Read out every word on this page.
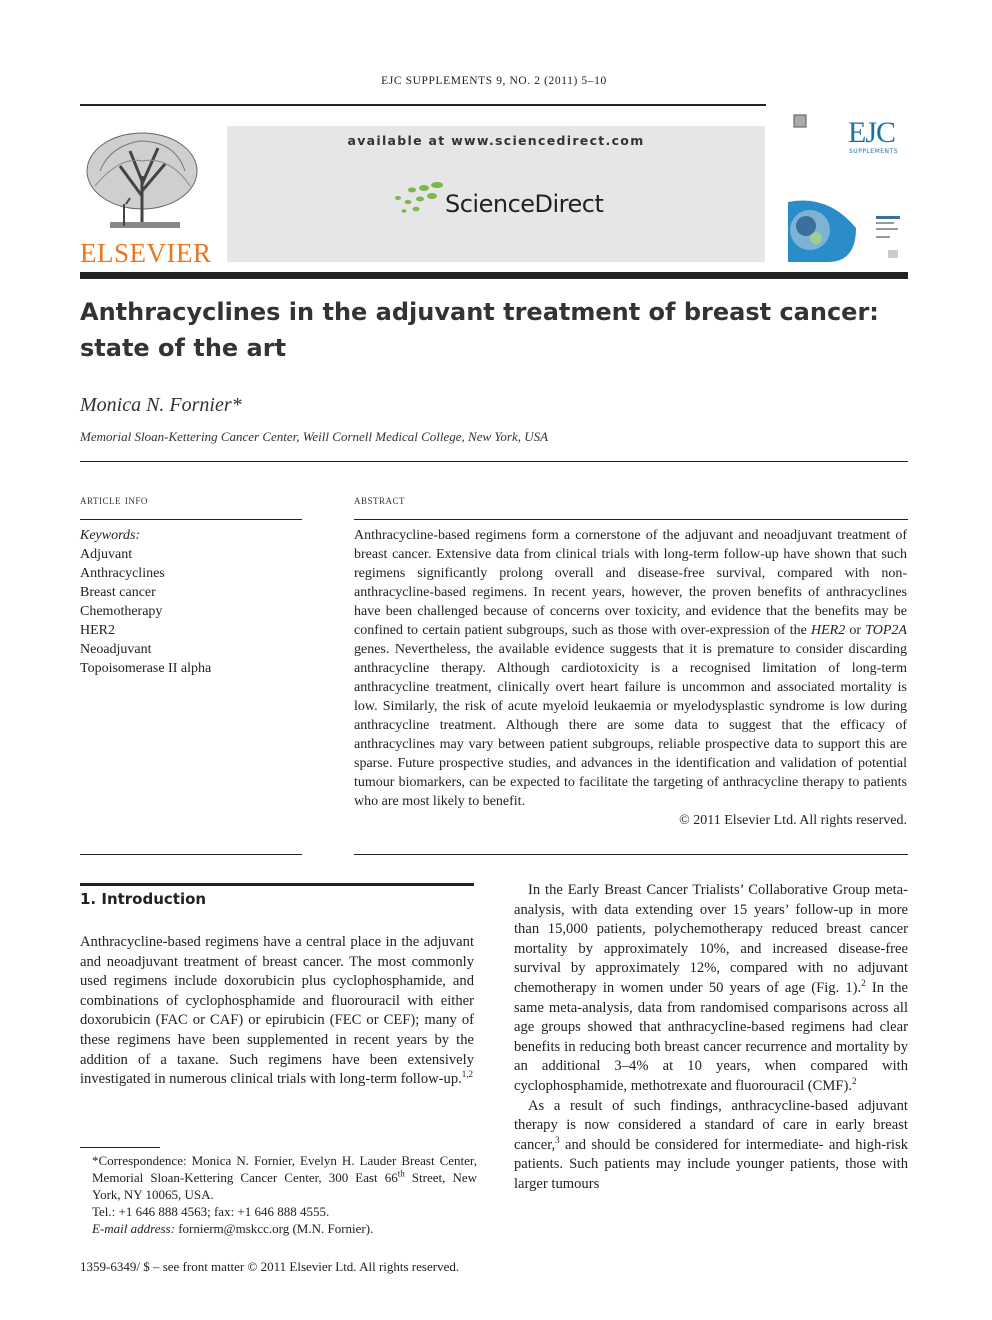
EJC SUPPLEMENTS 9, NO. 2 (2011) 5–10
ELSEVIER
available at www.sciencedirect.com
ScienceDirect
EJC
SUPPLEMENTS
Anthracyclines in the adjuvant treatment of breast cancer:
state of the art
Monica N. Fornier*
Memorial Sloan-Kettering Cancer Center, Weill Cornell Medical College, New York, USA
article info
Keywords:
Adjuvant
Anthracyclines
Breast cancer
Chemotherapy
HER2
Neoadjuvant
Topoisomerase II alpha
abstract
Anthracycline-based regimens form a cornerstone of the adjuvant and neoadjuvant treatment of breast cancer. Extensive data from clinical trials with long-term follow-up have shown that such regimens significantly prolong overall and disease-free survival, compared with non-anthracycline-based regimens. In recent years, however, the proven benefits of anthracyclines have been challenged because of concerns over toxicity, and evidence that the benefits may be confined to certain patient subgroups, such as those with over-expression of the HER2 or TOP2A genes. Nevertheless, the available evidence suggests that it is premature to consider discarding anthracycline therapy. Although cardiotoxicity is a recognised limitation of long-term anthracycline treatment, clinically overt heart failure is uncommon and associated mortality is low. Similarly, the risk of acute myeloid leukaemia or myelodysplastic syndrome is low during anthracycline treatment. Although there are some data to suggest that the efficacy of anthracyclines may vary between patient subgroups, reliable prospective data to support this are sparse. Future prospective studies, and advances in the identification and validation of potential tumour biomarkers, can be expected to facilitate the targeting of anthracycline therapy to patients who are most likely to benefit.
© 2011 Elsevier Ltd. All rights reserved.
1. Introduction

Anthracycline-based regimens have a central place in the adjuvant and neoadjuvant treatment of breast cancer. The most commonly used regimens include doxorubicin plus cyclophosphamide, and combinations of cyclophosphamide and fluorouracil with either doxorubicin (FAC or CAF) or epirubicin (FEC or CEF); many of these regimens have been supplemented in recent years by the addition of a taxane. Such regimens have been extensively investigated in numerous clinical trials with long-term follow-up.$^{1,2}$

In the Early Breast Cancer Trialists’ Collaborative Group meta-analysis, with data extending over 15 years’ follow-up in more than 15,000 patients, polychemotherapy reduced breast cancer mortality by approximately 10%, and increased disease-free survival by approximately 12%, compared with no adjuvant chemotherapy in women under 50 years of age (Fig. 1).$^2$ In the same meta-analysis, data from randomised comparisons across all age groups showed that anthracycline-based regimens had clear benefits in reducing both breast cancer recurrence and mortality by an additional 3–4% at 10 years, when compared with cyclophosphamide, methotrexate and fluorouracil (CMF).$^2$

As a result of such findings, anthracycline-based adjuvant therapy is now considered a standard of care in early breast cancer,$^3$ and should be considered for intermediate- and high-risk patients. Such patients may include younger patients, those with larger tumours

*Correspondence: Monica N. Fornier, Evelyn H. Lauder Breast Center, Memorial Sloan-Kettering Cancer Center, 300 East 66th Street, New York, NY 10065, USA.
Tel.: +1 646 888 4563; fax: +1 646 888 4555.
E-mail address: fornierm@mskcc.org (M.N. Fornier).
1359-6349/ $ – see front matter © 2011 Elsevier Ltd. All rights reserved.
